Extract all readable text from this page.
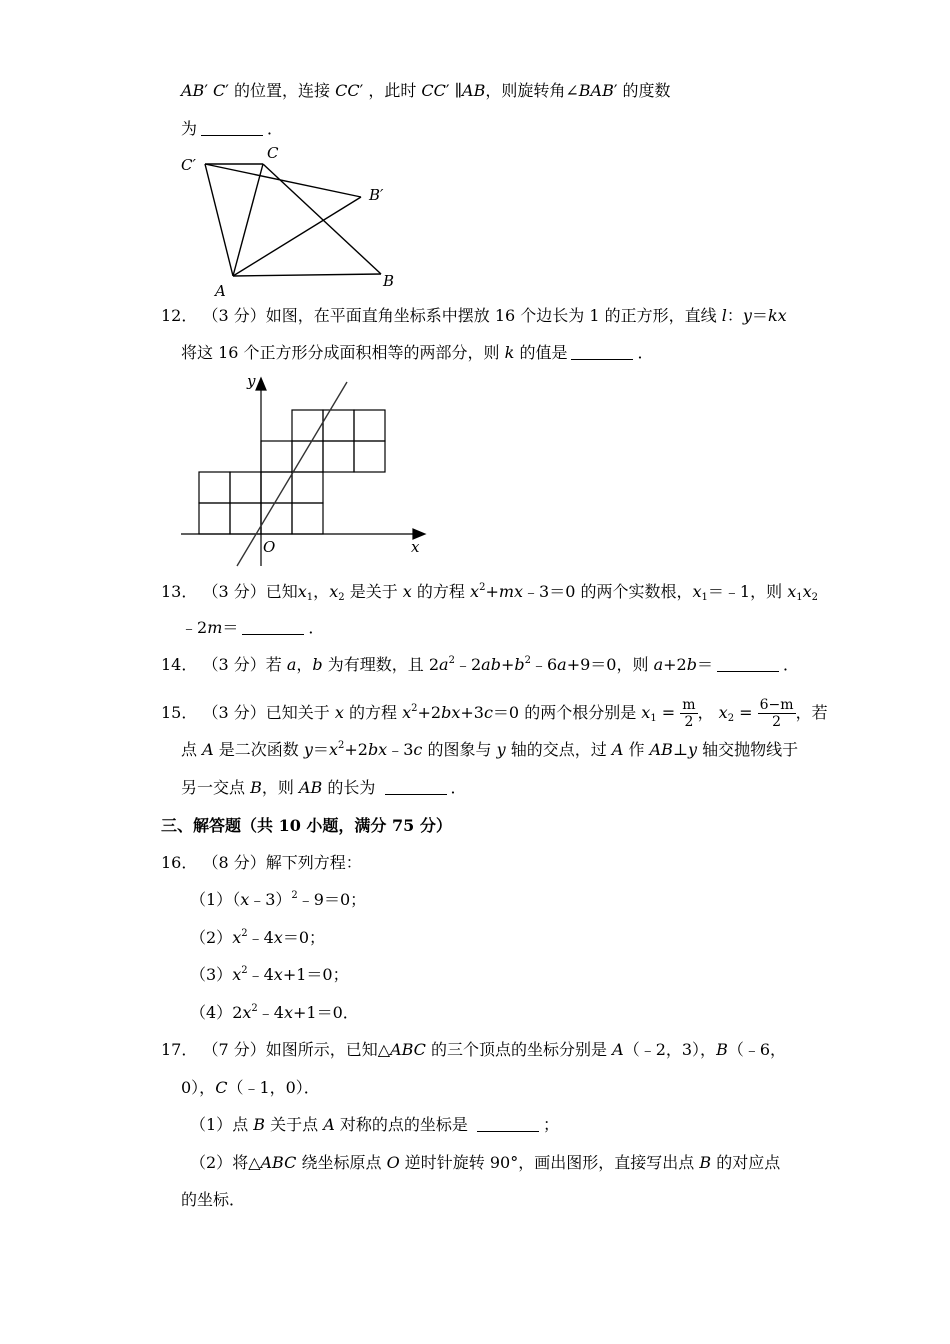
AB′ C′ 的位置，连接 CC′ ，此时 CC′ ∥AB，则旋转角∠BAB′ 的度数
为	．
C′
C
B′
A
B
12． （3 分）如图，在平面直角坐标系中摆放 16 个边长为 1 的正方形，直线 l：y＝kx
将这 16 个正方形分成面积相等的两部分，则 k 的值是	．
y
x
O
13． （3 分）已知$x_1$，$x_2$ 是关于 x 的方程 $x^2+mx﹣3=0$ 的两个实数根，$x_1=﹣1$，则 $x_1x_2$
﹣2m＝	．
14． （3 分）若 a，b 为有理数，且 $2a^2﹣2ab+b^2﹣6a+9=0$，则 a+2b＝	．
15． （3 分）已知关于 x 的方程 $x^2+2bx+3c=0$ 的两个根分别是 $x_1 = \frac{m}{2}$ ， $x_2 = \frac{6-m}{2}$ ，若
点 A 是二次函数 $y=x^2+2bx﹣3c$ 的图象与 y 轴的交点，过 A 作 AB⊥y 轴交抛物线于
另一交点 B，则 AB 的长为	．
三、解答题（共 10 小题，满分 75 分）
16． （8 分）解下列方程：
（1）（x﹣3）$^2$﹣9＝0；
$(2)x^2﹣4x=0$；
$(3)x^2﹣4x+1=0$；
$(4)2x^2﹣4x+1=0$．
17． （7 分）如图所示，已知△ABC 的三个顶点的坐标分别是 A（﹣2，3），B（﹣6，
0），C（﹣1，0）．
（1）点 B 关于点 A 对称的点的坐标是	；
（2）将△ABC 绕坐标原点 O 逆时针旋转 90°，画出图形，直接写出点 B 的对应点
的坐标．
